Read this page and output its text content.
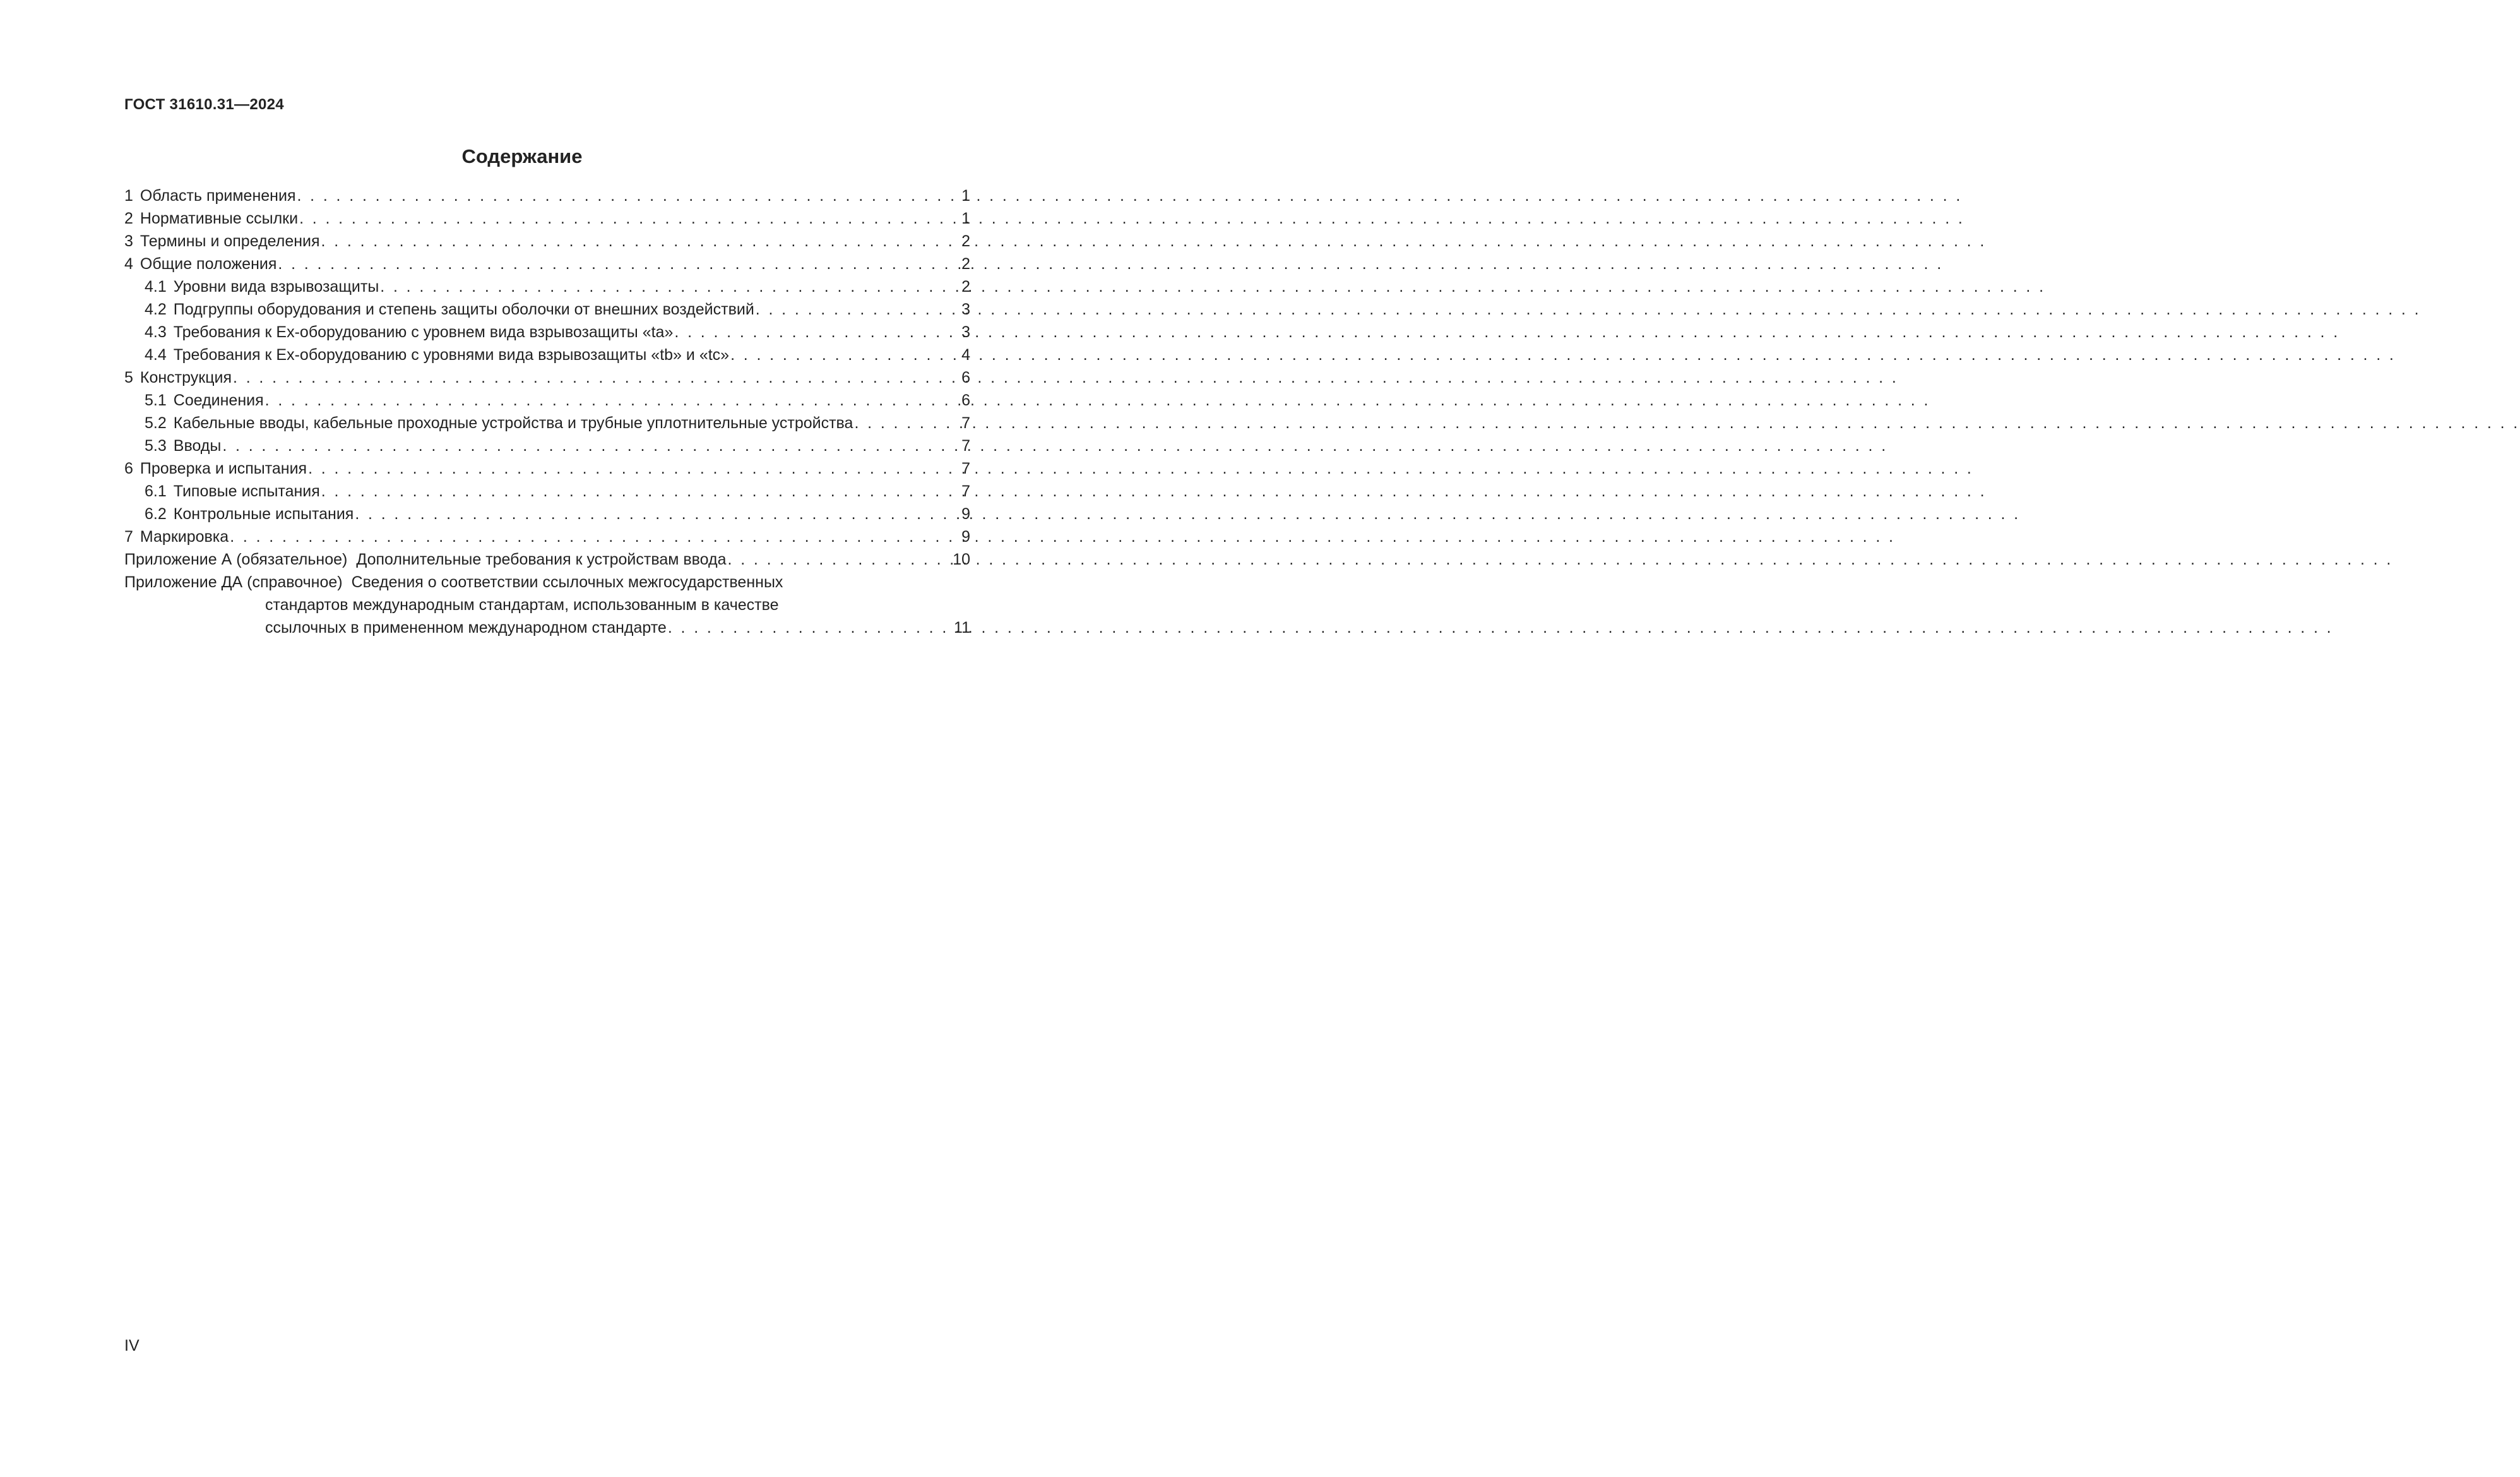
ГОСТ 31610.31—2024
Содержание
1 Область применения . . .	1
2 Нормативные ссылки . . .	1
3 Термины и определения . . .	2
4 Общие положения . . .	2
4.1 Уровни вида взрывозащиты . . .	2
4.2 Подгруппы оборудования и степень защиты оболочки от внешних воздействий . . .	3
4.3 Требования к Ex-оборудованию с уровнем вида взрывозащиты «ta» . . .	3
4.4 Требования к Ex-оборудованию с уровнями вида взрывозащиты «tb» и «tc» . . .	4
5 Конструкция . . .	6
5.1 Соединения . . .	6
5.2 Кабельные вводы, кабельные проходные устройства и трубные уплотнительные устройства . . .	7
5.3 Вводы . . .	7
6 Проверка и испытания . . .	7
6.1 Типовые испытания . . .	7
6.2 Контрольные испытания . . .	9
7 Маркировка . . .	9
Приложение А (обязательное) Дополнительные требования к устройствам ввода . . .	10
Приложение ДА (справочное) Сведения о соответствии ссылочных межгосударственных
стандартов международным стандартам, использованным в качестве
ссылочных в примененном международном стандарте . . .	11
IV
